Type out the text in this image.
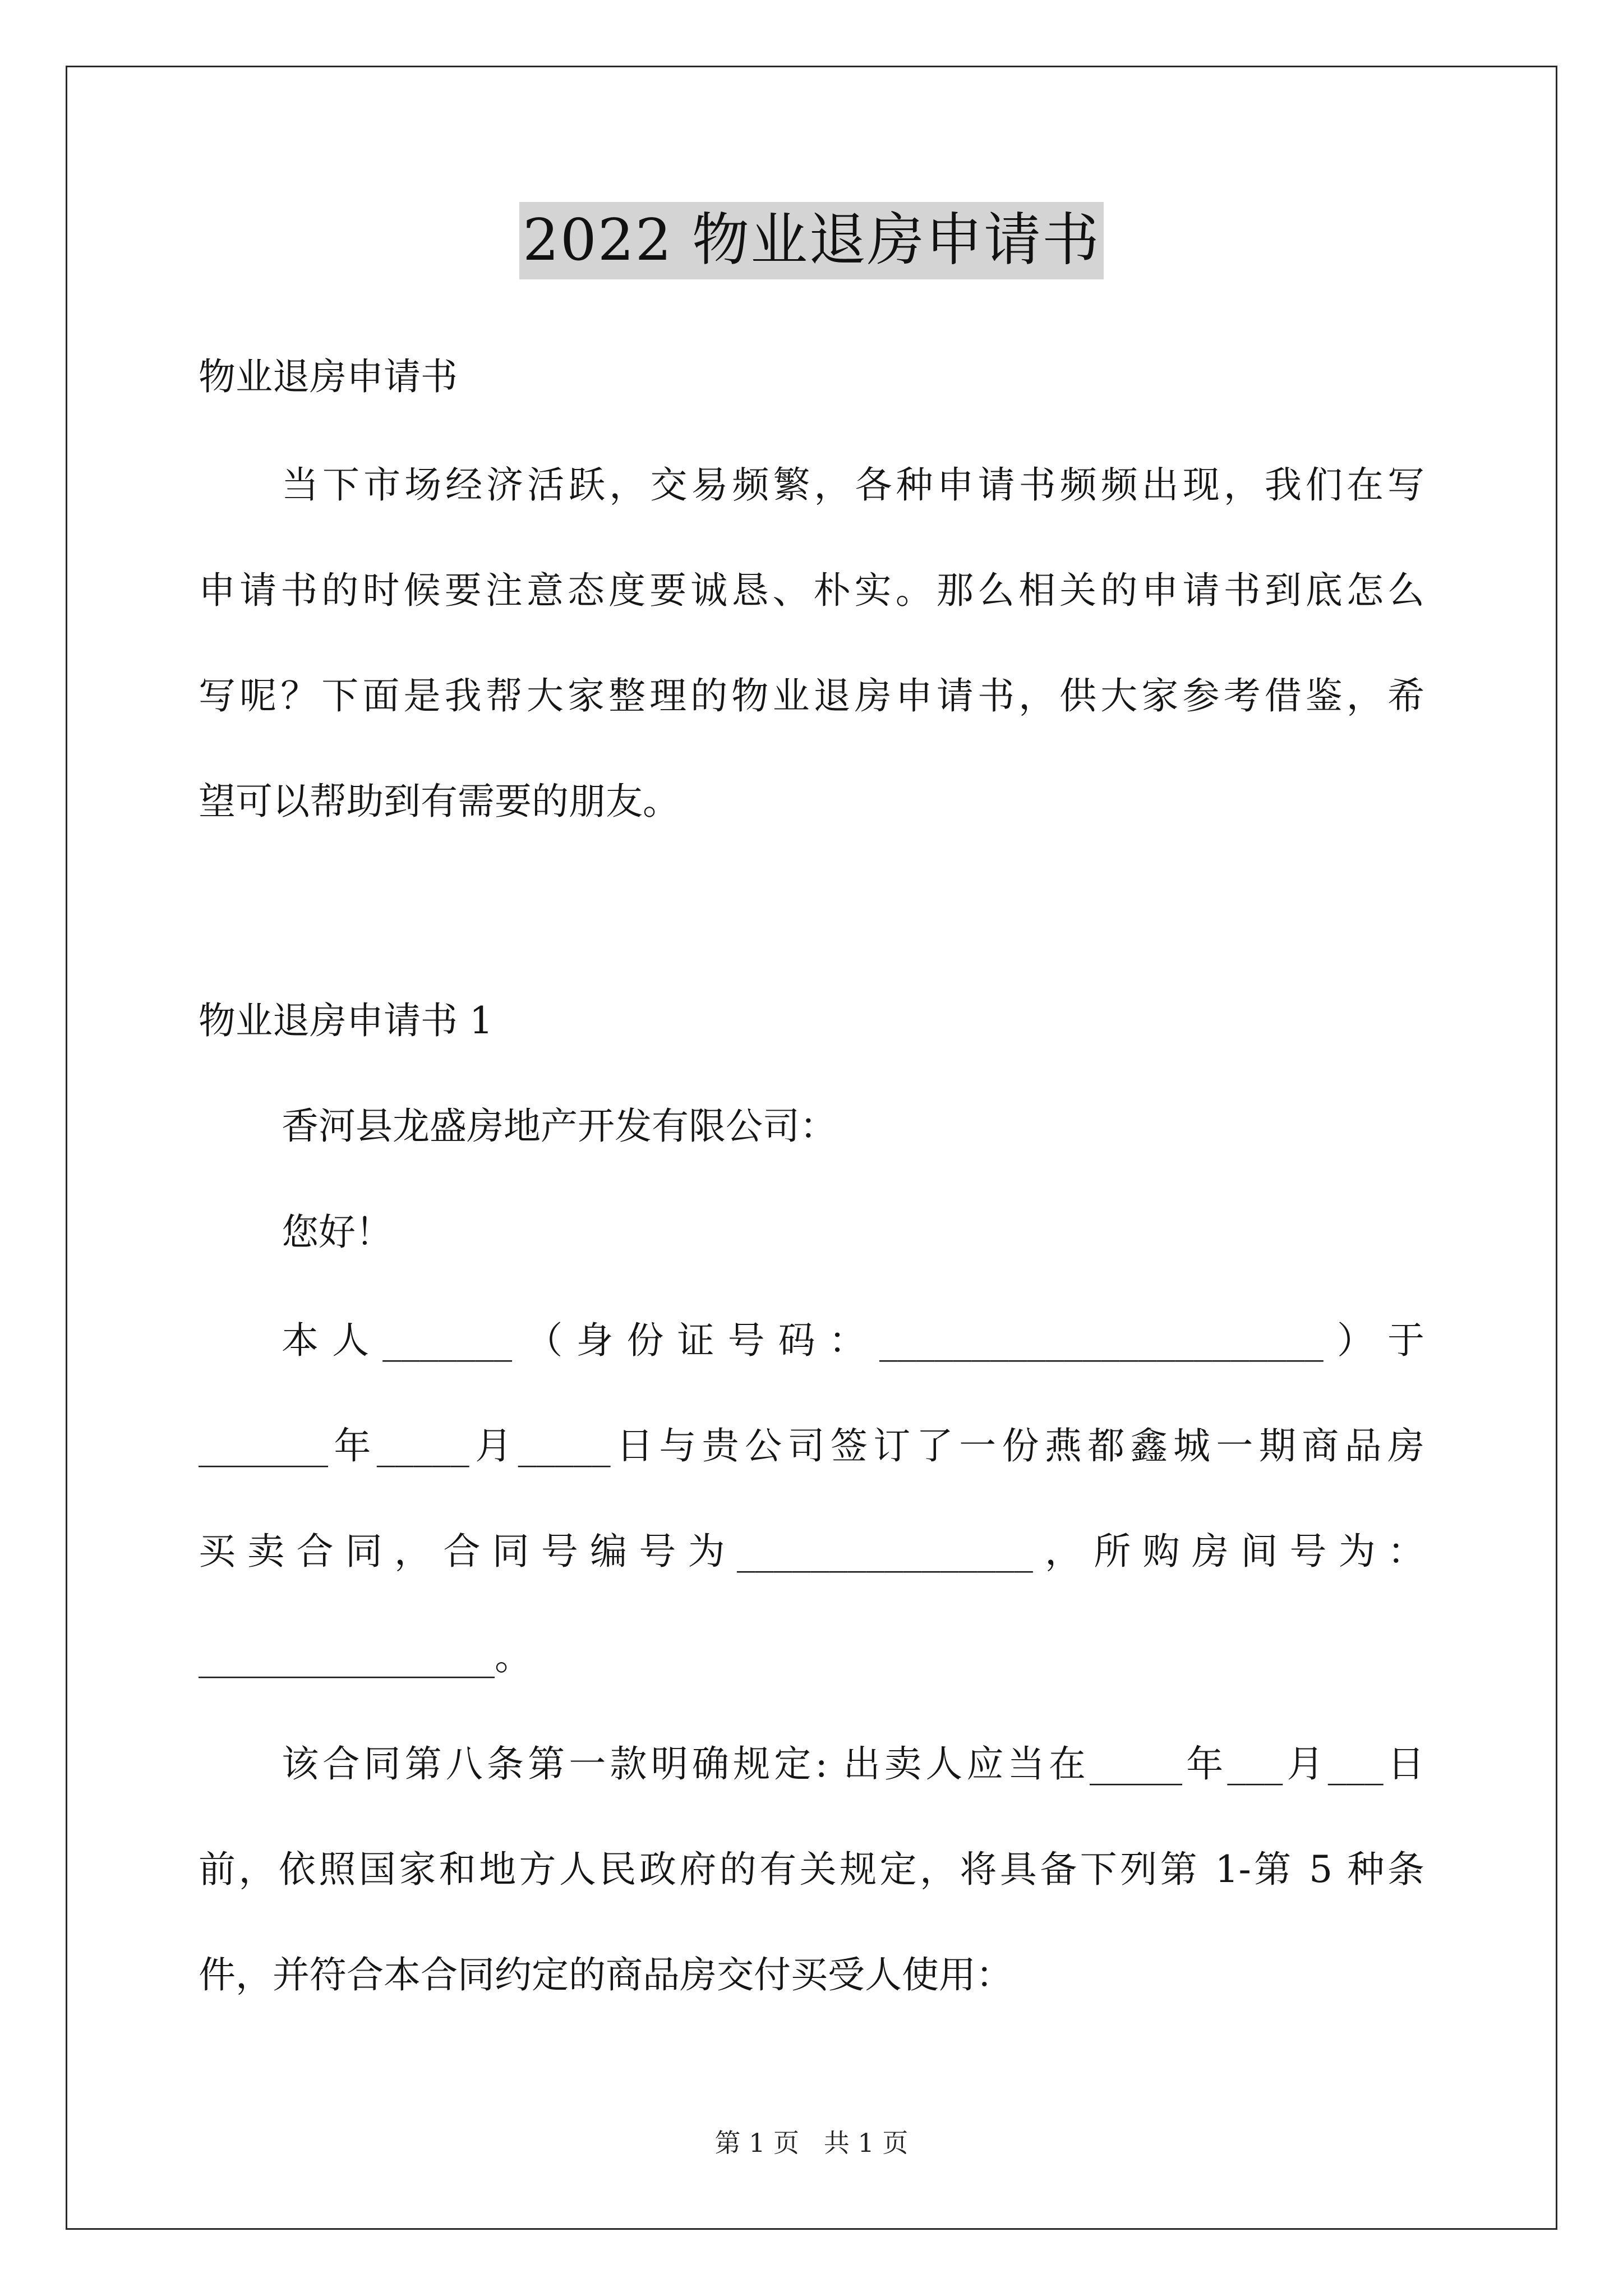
2022 物业退房申请书
物业退房申请书
当下市场经济活跃，交易频繁，各种申请书频频出现，我们在写
申请书的时候要注意态度要诚恳、朴实。那么相关的申请书到底怎么
写呢？下面是我帮大家整理的物业退房申请书，供大家参考借鉴，希
望可以帮助到有需要的朋友。
物业退房申请书 1
香河县龙盛房地产开发有限公司：
您好！
本人_______（身份证号码：________________________）于
_______年_____月_____日与贵公司签订了一份燕都鑫城一期商品房
买卖合同，合同号编号为________________，所购房间号为：
________________。
该合同第八条第一款明确规定: 出卖人应当在_____年___月___日
前，依照国家和地方人民政府的有关规定，将具备下列第 1-第 5 种条
件，并符合本合同约定的商品房交付买受人使用：
第 1 页   共 1 页
